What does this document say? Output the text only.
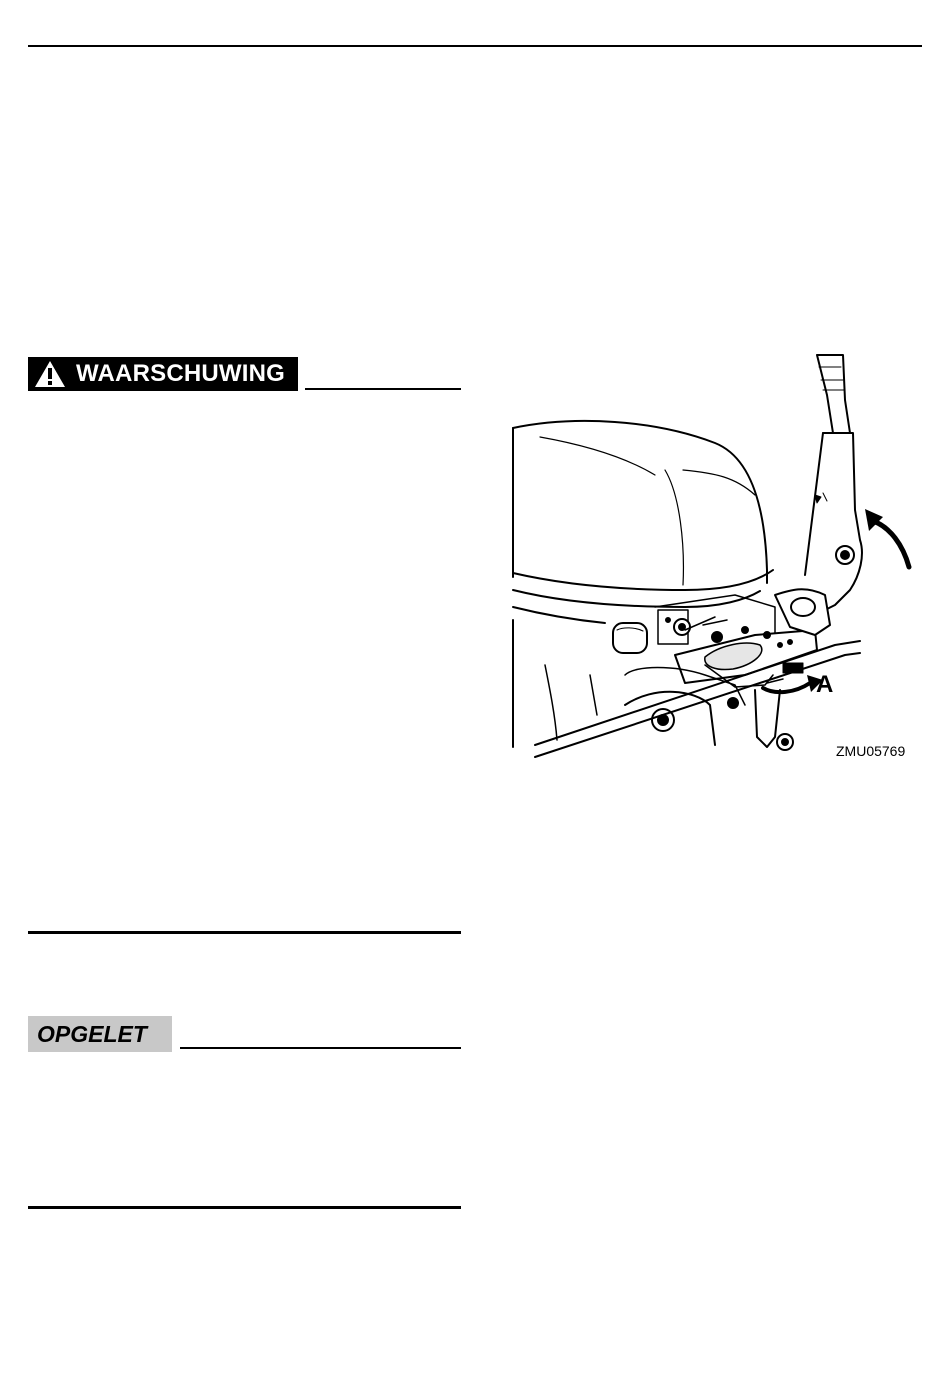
WAARSCHUWING
OPGELET
A
ZMU05769
